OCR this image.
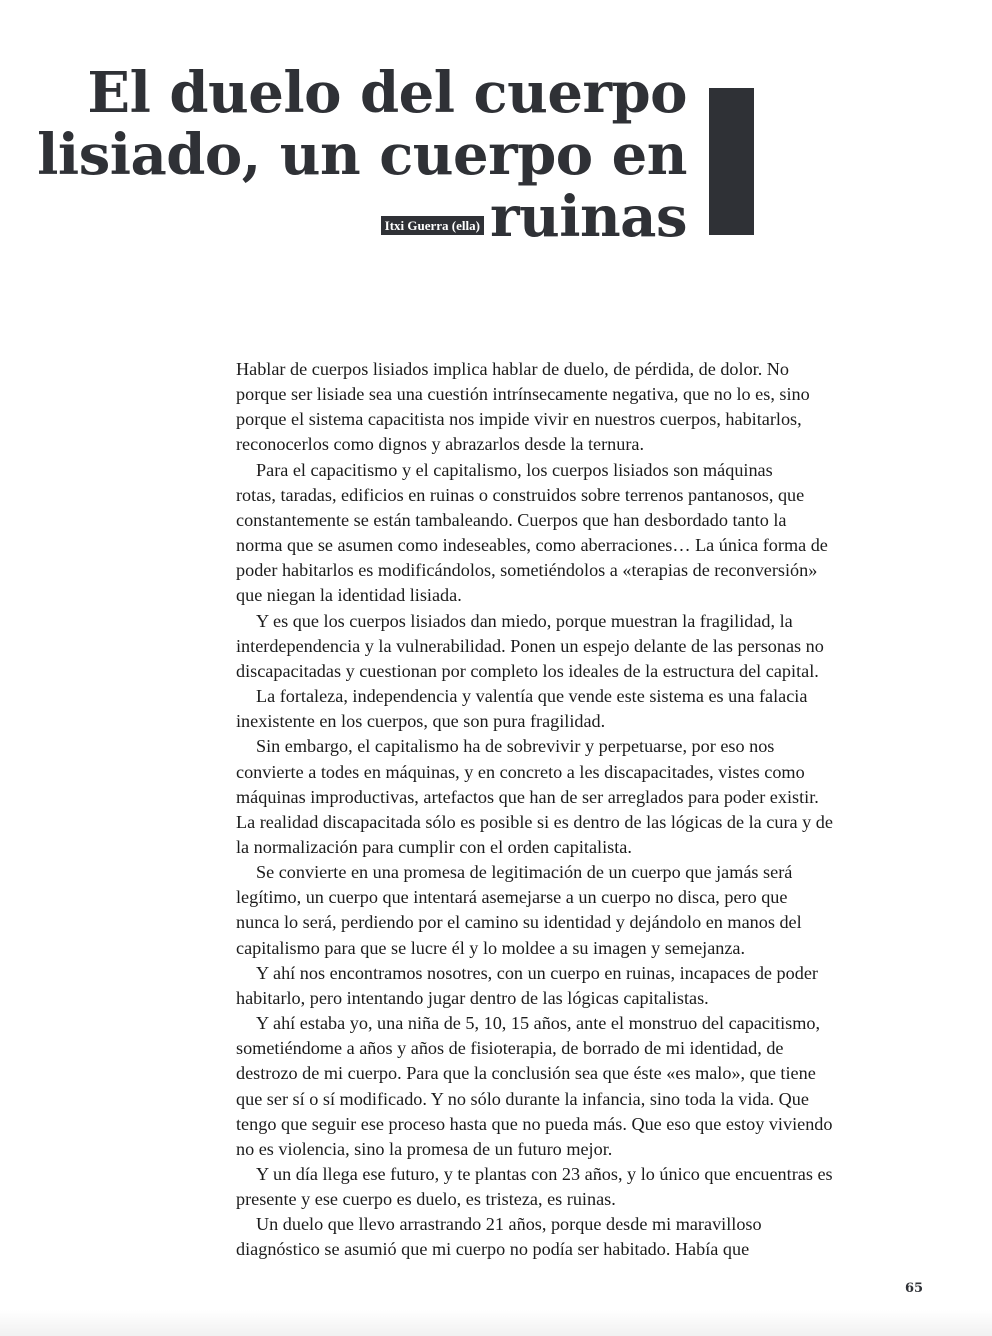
El duelo del cuerpo
lisiado, un cuerpo en
Itxi Guerra (ella) ruinas

Hablar de cuerpos lisiados implica hablar de duelo, de pérdida, de dolor. No

porque ser lisiade sea una cuestión intrínsecamente negativa, que no lo es, sino

porque el sistema capacitista nos impide vivir en nuestros cuerpos, habitarlos,

reconocerlos como dignos y abrazarlos desde la ternura.

Para el capacitismo y el capitalismo, los cuerpos lisiados son máquinas

rotas, taradas, edificios en ruinas o construidos sobre terrenos pantanosos, que

constantemente se están tambaleando. Cuerpos que han desbordado tanto la

norma que se asumen como indeseables, como aberraciones… La única forma de

poder habitarlos es modificándolos, sometiéndolos a «terapias de reconversión»

que niegan la identidad lisiada.

Y es que los cuerpos lisiados dan miedo, porque muestran la fragilidad, la

interdependencia y la vulnerabilidad. Ponen un espejo delante de las personas no

discapacitadas y cuestionan por completo los ideales de la estructura del capital.

La fortaleza, independencia y valentía que vende este sistema es una falacia

inexistente en los cuerpos, que son pura fragilidad.

Sin embargo, el capitalismo ha de sobrevivir y perpetuarse, por eso nos

convierte a todes en máquinas, y en concreto a les discapacitades, vistes como

máquinas improductivas, artefactos que han de ser arreglados para poder existir.

La realidad discapacitada sólo es posible si es dentro de las lógicas de la cura y de

la normalización para cumplir con el orden capitalista.

Se convierte en una promesa de legitimación de un cuerpo que jamás será

legítimo, un cuerpo que intentará asemejarse a un cuerpo no disca, pero que

nunca lo será, perdiendo por el camino su identidad y dejándolo en manos del

capitalismo para que se lucre él y lo moldee a su imagen y semejanza.

Y ahí nos encontramos nosotres, con un cuerpo en ruinas, incapaces de poder

habitarlo, pero intentando jugar dentro de las lógicas capitalistas.

Y ahí estaba yo, una niña de 5, 10, 15 años, ante el monstruo del capacitismo,

sometiéndome a años y años de fisioterapia, de borrado de mi identidad, de

destrozo de mi cuerpo. Para que la conclusión sea que éste «es malo», que tiene

que ser sí o sí modificado. Y no sólo durante la infancia, sino toda la vida. Que

tengo que seguir ese proceso hasta que no pueda más. Que eso que estoy viviendo

no es violencia, sino la promesa de un futuro mejor.

Y un día llega ese futuro, y te plantas con 23 años, y lo único que encuentras es

presente y ese cuerpo es duelo, es tristeza, es ruinas.

Un duelo que llevo arrastrando 21 años, porque desde mi maravilloso

diagnóstico se asumió que mi cuerpo no podía ser habitado. Había que

65
